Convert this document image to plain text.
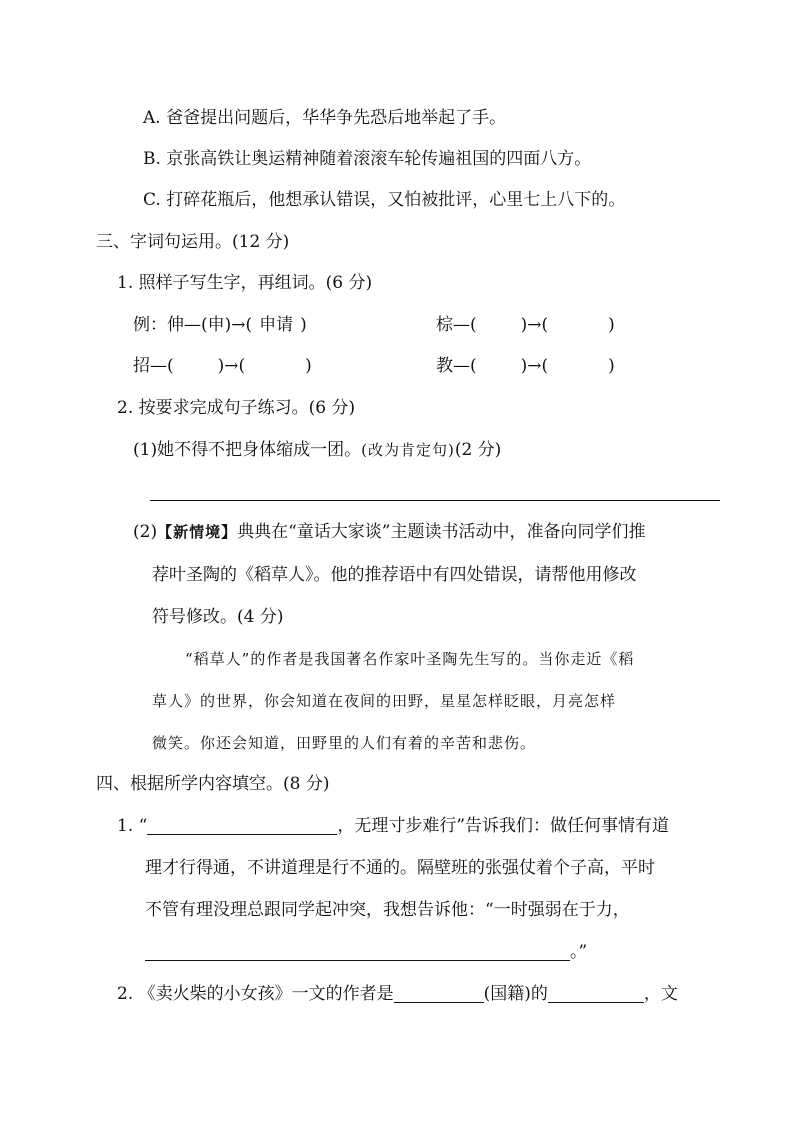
A. 爸爸提出问题后，华华争先恐后地举起了手。
B. 京张高铁让奥运精神随着滚滚车轮传遍祖国的四面八方。
C. 打碎花瓶后，他想承认错误，又怕被批评，心里七上八下的。
三、字词句运用。(12 分)
1. 照样子写生字，再组词。(6 分)
例：伸—(申)→( 申请 )	棕—(	)→(	)
招—(	)→(	)	教—(	)→(	)
2. 按要求完成句子练习。(6 分)
(1)她不得不把身体缩成一团。(改为肯定句)(2 分)
(2)【新情境】典典在“童话大家谈”主题读书活动中，准备向同学们推
荐叶圣陶的《稻草人》。他的推荐语中有四处错误，请帮他用修改
符号修改。(4 分)
“稻草人”的作者是我国著名作家叶圣陶先生写的。当你走近《稻
草人》的世界，你会知道在夜间的田野，星星怎样眨眼，月亮怎样
微笑。你还会知道，田野里的人们有着的辛苦和悲伤。
四、根据所学内容填空。(8 分)
1. “	，无理寸步难行”告诉我们：做任何事情有道
理才行得通，不讲道理是行不通的。隔壁班的张强仗着个子高，平时
不管有理没理总跟同学起冲突，我想告诉他：“一时强弱在于力，
。”
2. 《卖火柴的小女孩》一文的作者是	(国籍)的	，文
